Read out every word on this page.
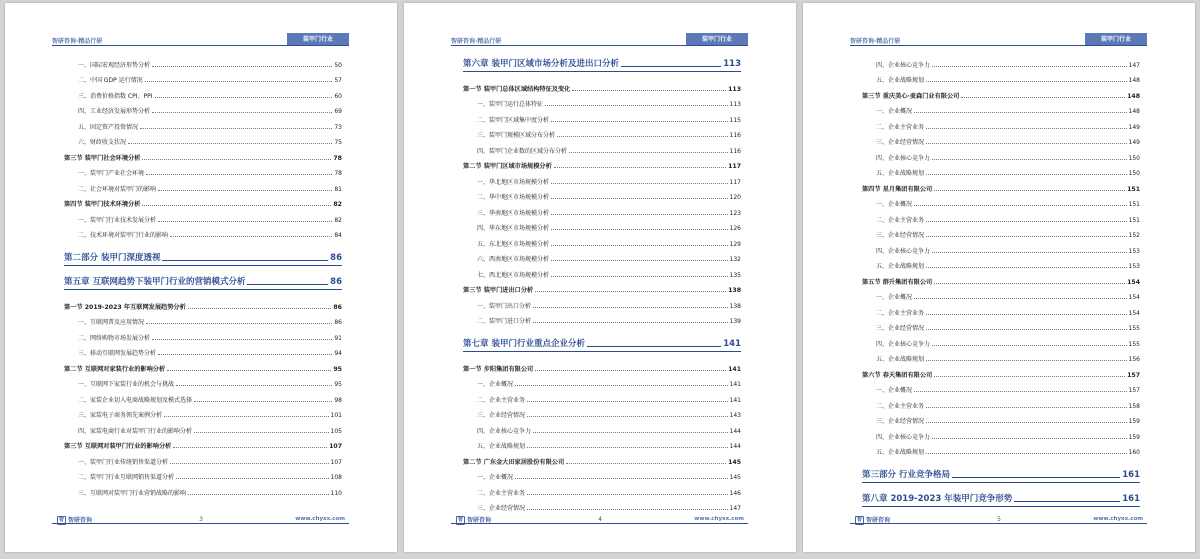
智研咨询·精品行研	装甲门行业
一、国际宏观经济形势分析	50
二、中国 GDP 运行情况	57
三、消费价格指数 CPI、PPI	60
四、工业经济发展形势分析	69
五、固定资产投资情况	73
六、财政收支状况	75
第三节 装甲门社会环境分析	78
一、装甲门产业社会环境	78
二、社会环境对装甲门的影响	81
第四节 装甲门技术环境分析	82
一、装甲门行业技术发展分析	82
二、技术环境对装甲门行业的影响	84
第二部分 装甲门深度透视	86
第五章 互联网趋势下装甲门行业的营销模式分析	86
第一节 2019-2023 年互联网发展趋势分析	86
一、互联网普及应用情况	86
二、网络购物市场发展分析	91
三、移动互联网发展趋势分析	94
第二节 互联网对家装行业的影响分析	95
一、互联网下家装行业的机会与挑战	95
二、家装企业切入电商战略规划及模式选择	98
三、家装电子商务领先案例分析	101
四、家装电商行业对装甲门行业的影响分析	105
第三节 互联网对装甲门行业的影响分析	107
一、装甲门行业传统销售渠道分析	107
二、装甲门行业互联网销售渠道分析	108
三、互联网对装甲门行业营销战略的影响	110
智 智研咨询	3	www.chyxx.com
智研咨询·精品行研	装甲门行业
第六章 装甲门区域市场分析及进出口分析	113
第一节 装甲门总体区域结构特征及变化	113
一、装甲门运行总体特征	113
二、装甲门区域集中度分析	115
三、装甲门规模区域分布分析	116
四、装甲门企业数的区域分布分析	116
第二节 装甲门区域市场规模分析	117
一、华北地区市场规模分析	117
二、华中地区市场规模分析	120
三、华南地区市场规模分析	123
四、华东地区市场规模分析	126
五、东北地区市场规模分析	129
六、西南地区市场规模分析	132
七、西北地区市场规模分析	135
第三节 装甲门进出口分析	138
一、装甲门出口分析	138
二、装甲门进口分析	139
第七章 装甲门行业重点企业分析	141
第一节 步阳集团有限公司	141
一、企业概况	141
二、企业主营业务	141
三、企业经营情况	143
四、企业核心竞争力	144
五、企业战略规划	144
第二节 广东金大田家居股份有限公司	145
一、企业概况	145
二、企业主营业务	146
三、企业经营情况	147
智 智研咨询	4	www.chyxx.com
智研咨询·精品行研	装甲门行业
四、企业核心竞争力	147
五、企业战略规划	148
第三节 重庆美心·麦森门业有限公司	148
一、企业概况	148
二、企业主营业务	149
三、企业经营情况	149
四、企业核心竞争力	150
五、企业战略规划	150
第四节 星月集团有限公司	151
一、企业概况	151
二、企业主营业务	151
三、企业经营情况	152
四、企业核心竞争力	153
五、企业战略规划	153
第五节 群升集团有限公司	154
一、企业概况	154
二、企业主营业务	154
三、企业经营情况	155
四、企业核心竞争力	155
五、企业战略规划	156
第六节 春天集团有限公司	157
一、企业概况	157
二、企业主营业务	158
三、企业经营情况	159
四、企业核心竞争力	159
五、企业战略规划	160
第三部分 行业竞争格局	161
第八章 2019-2023 年装甲门竞争形势	161
智 智研咨询	5	www.chyxx.com
